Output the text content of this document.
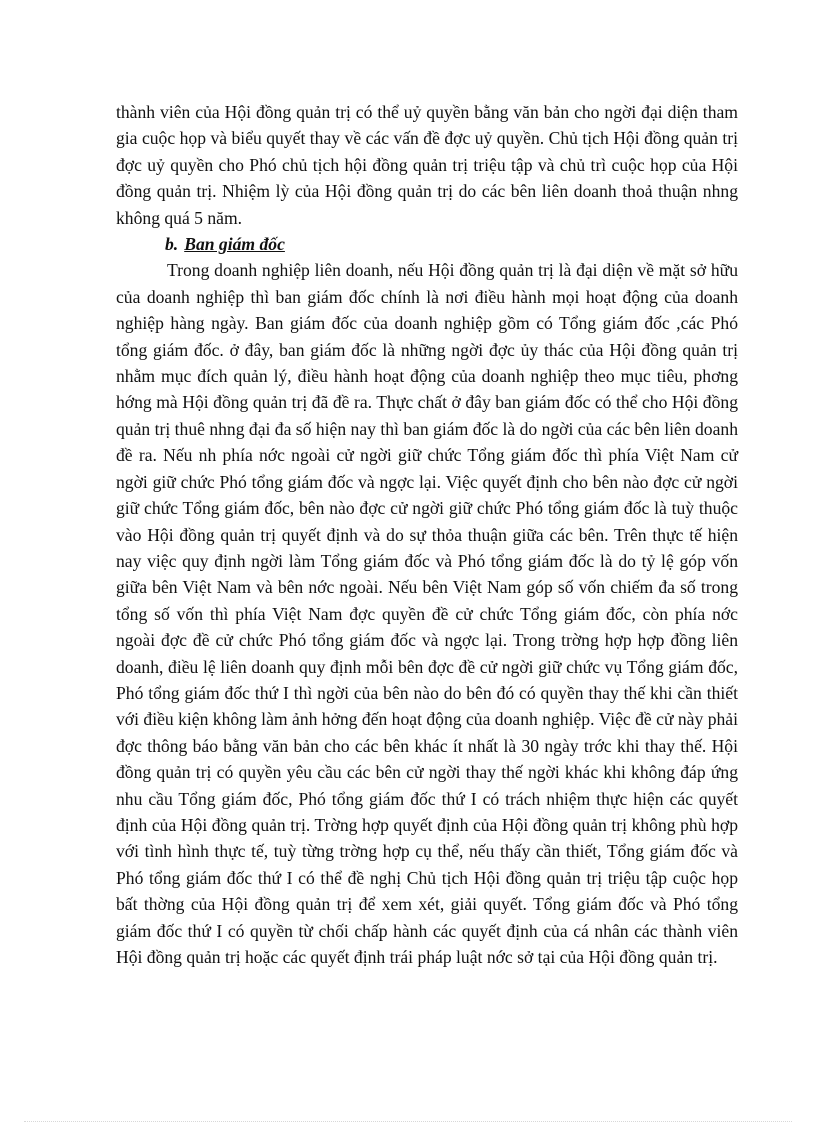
thành viên của Hội đồng quản trị có thể uỷ quyền bằng văn bản cho ngời đại diện tham gia cuộc họp và biểu quyết thay về các vấn đề đợc uỷ quyền. Chủ tịch Hội đồng quản trị đợc uỷ quyền cho Phó chủ tịch hội đồng quản trị triệu tập và chủ trì cuộc họp của Hội đồng quản trị. Nhiệm lỳ của Hội đồng quản trị do các bên liên doanh thoả thuận nhng không quá 5 năm.

b. Ban giám đốc

Trong doanh nghiệp liên doanh, nếu Hội đồng quản trị là đại diện về mặt sở hữu của doanh nghiệp thì ban giám đốc chính là nơi điều hành mọi hoạt động của doanh nghiệp hàng ngày. Ban giám đốc của doanh nghiệp gồm có Tổng giám đốc ,các Phó tổng giám đốc. ở đây, ban giám đốc là những ngời đợc ủy thác của Hội đồng quản trị nhằm mục đích quản lý, điều hành hoạt động của doanh nghiệp theo mục tiêu, phơng hớng mà Hội đồng quản trị đã đề ra. Thực chất ở đây ban giám đốc có thể cho Hội đồng quản trị thuê nhng đại đa số hiện nay thì ban giám đốc là do ngời của các bên liên doanh đề ra. Nếu nh phía nớc ngoài cử ngời giữ chức Tổng giám đốc thì phía Việt Nam cử ngời giữ chức Phó tổng giám đốc và ngợc lại. Việc quyết định cho bên nào đợc cử ngời giữ chức Tổng giám đốc, bên nào đợc cử ngời giữ chức Phó tổng giám đốc là tuỳ thuộc vào Hội đồng quản trị quyết định và do sự thỏa thuận giữa các bên. Trên thực tế hiện nay việc quy định ngời làm Tổng giám đốc và Phó tổng giám đốc là do tỷ lệ góp vốn giữa bên Việt Nam và bên nớc ngoài. Nếu bên Việt Nam góp số vốn chiếm đa số trong tổng số vốn thì phía Việt Nam đợc quyền đề cử chức Tổng giám đốc, còn phía nớc ngoài đợc đề cử chức Phó tổng giám đốc và ngợc lại. Trong trờng hợp hợp đồng liên doanh, điều lệ liên doanh quy định mỗi bên đợc đề cử ngời giữ chức vụ Tổng giám đốc, Phó tổng giám đốc thứ I thì ngời của bên nào do bên đó có quyền thay thế khi cần thiết với điều kiện không làm ảnh hởng đến hoạt động của doanh nghiệp. Việc đề cử này phải đợc thông báo bằng văn bản cho các bên khác ít nhất là 30 ngày trớc khi thay thế. Hội đồng quản trị có quyền yêu cầu các bên cử ngời thay thế ngời khác khi không đáp ứng nhu cầu Tổng giám đốc, Phó tổng giám đốc thứ I có trách nhiệm thực hiện các quyết định của Hội đồng quản trị. Trờng hợp quyết định của Hội đồng quản trị không phù hợp với tình hình thực tế, tuỳ từng trờng hợp cụ thể, nếu thấy cần thiết, Tổng giám đốc và Phó tổng giám đốc thứ I có thể đề nghị Chủ tịch Hội đồng quản trị triệu tập cuộc họp bất thờng của Hội đồng quản trị để xem xét, giải quyết. Tổng giám đốc và Phó tổng giám đốc thứ I có quyền từ chối chấp hành các quyết định của cá nhân các thành viên Hội đồng quản trị hoặc các quyết định trái pháp luật nớc sở tại của Hội đồng quản trị.
